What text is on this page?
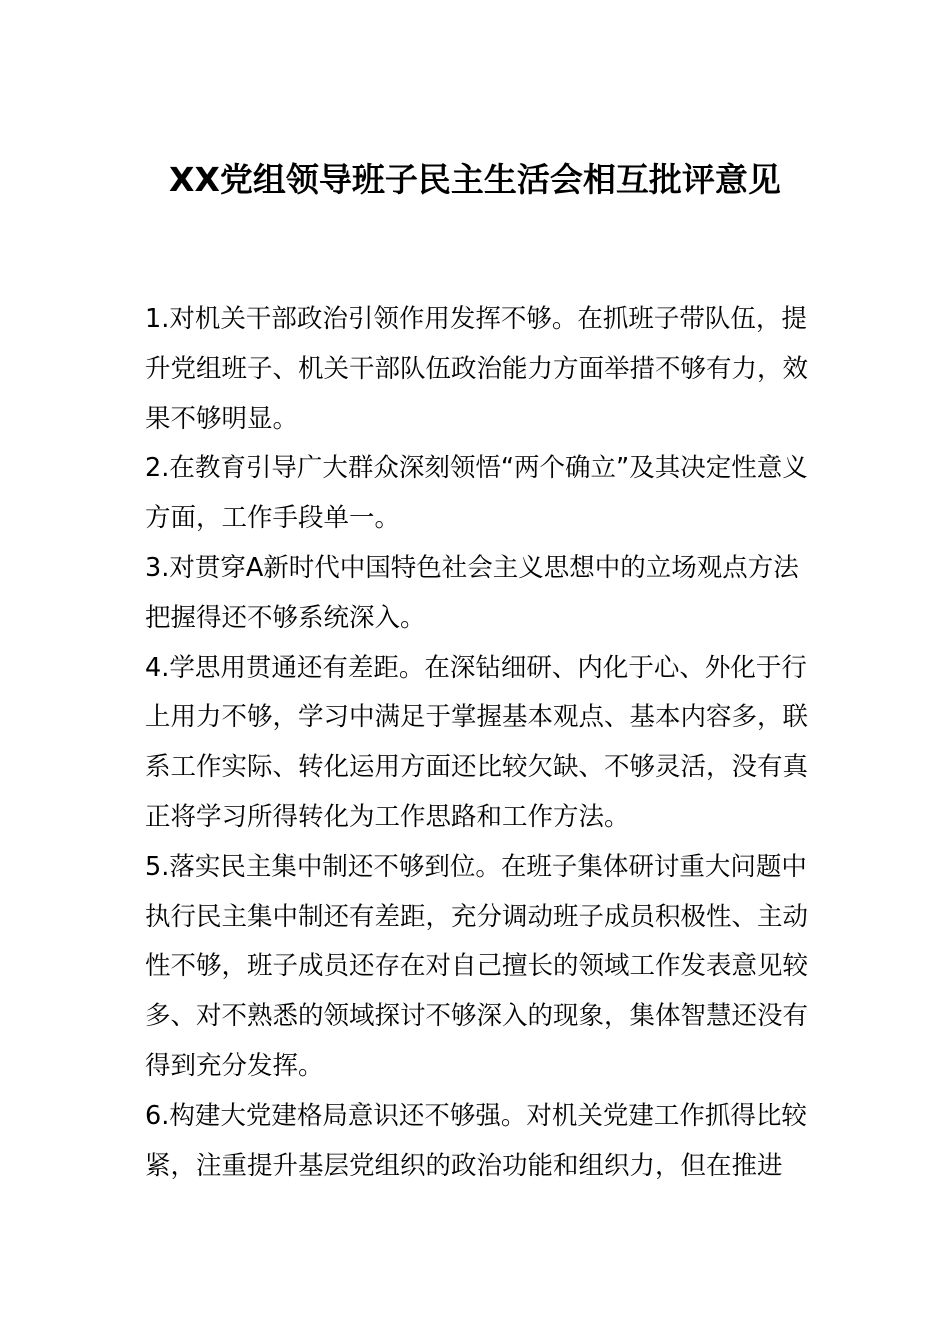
XX党组领导班子民主生活会相互批评意见

1.对机关干部政治引领作用发挥不够。在抓班子带队伍，提升党组班子、机关干部队伍政治能力方面举措不够有力，效果不够明显。

2.在教育引导广大群众深刻领悟“两个确立”及其决定性意义方面，工作手段单一。

3.对贯穿A新时代中国特色社会主义思想中的立场观点方法把握得还不够系统深入。

4.学思用贯通还有差距。在深钻细研、内化于心、外化于行上用力不够，学习中满足于掌握基本观点、基本内容多，联系工作实际、转化运用方面还比较欠缺、不够灵活，没有真正将学习所得转化为工作思路和工作方法。

5.落实民主集中制还不够到位。在班子集体研讨重大问题中执行民主集中制还有差距，充分调动班子成员积极性、主动性不够，班子成员还存在对自己擅长的领域工作发表意见较多、对不熟悉的领域探讨不够深入的现象，集体智慧还没有得到充分发挥。

6.构建大党建格局意识还不够强。对机关党建工作抓得比较紧，注重提升基层党组织的政治功能和组织力，但在推进
